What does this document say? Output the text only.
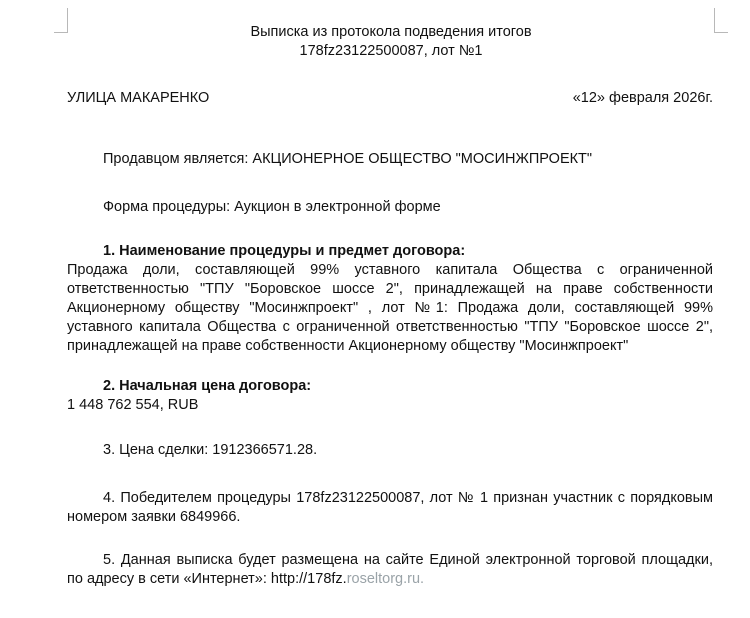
Выписка из протокола подведения итогов
178fz23122500087, лот №1
УЛИЦА МАКАРЕНКО	«12» февраля 2026г.
Продавцом является: АКЦИОНЕРНОЕ ОБЩЕСТВО "МОСИНЖПРОЕКТ"
Форма процедуры: Аукцион в электронной форме
1. Наименование процедуры и предмет договора:
Продажа доли, составляющей 99% уставного капитала Общества с ограниченной ответственностью "ТПУ "Боровское шоссе 2", принадлежащей на праве собственности Акционерному обществу "Мосинжпроект" , лот №1: Продажа доли, составляющей 99% уставного капитала Общества с ограниченной ответственностью "ТПУ "Боровское шоссе 2", принадлежащей на праве собственности Акционерному обществу "Мосинжпроект"
2. Начальная цена договора:
1 448 762 554, RUB
3. Цена сделки: 1912366571.28.
4. Победителем процедуры 178fz23122500087, лот № 1 признан участник с порядковым номером заявки 6849966.
5. Данная выписка будет размещена на сайте Единой электронной торговой площадки, по адресу в сети «Интернет»: http://178fz.roseltorg.ru.
